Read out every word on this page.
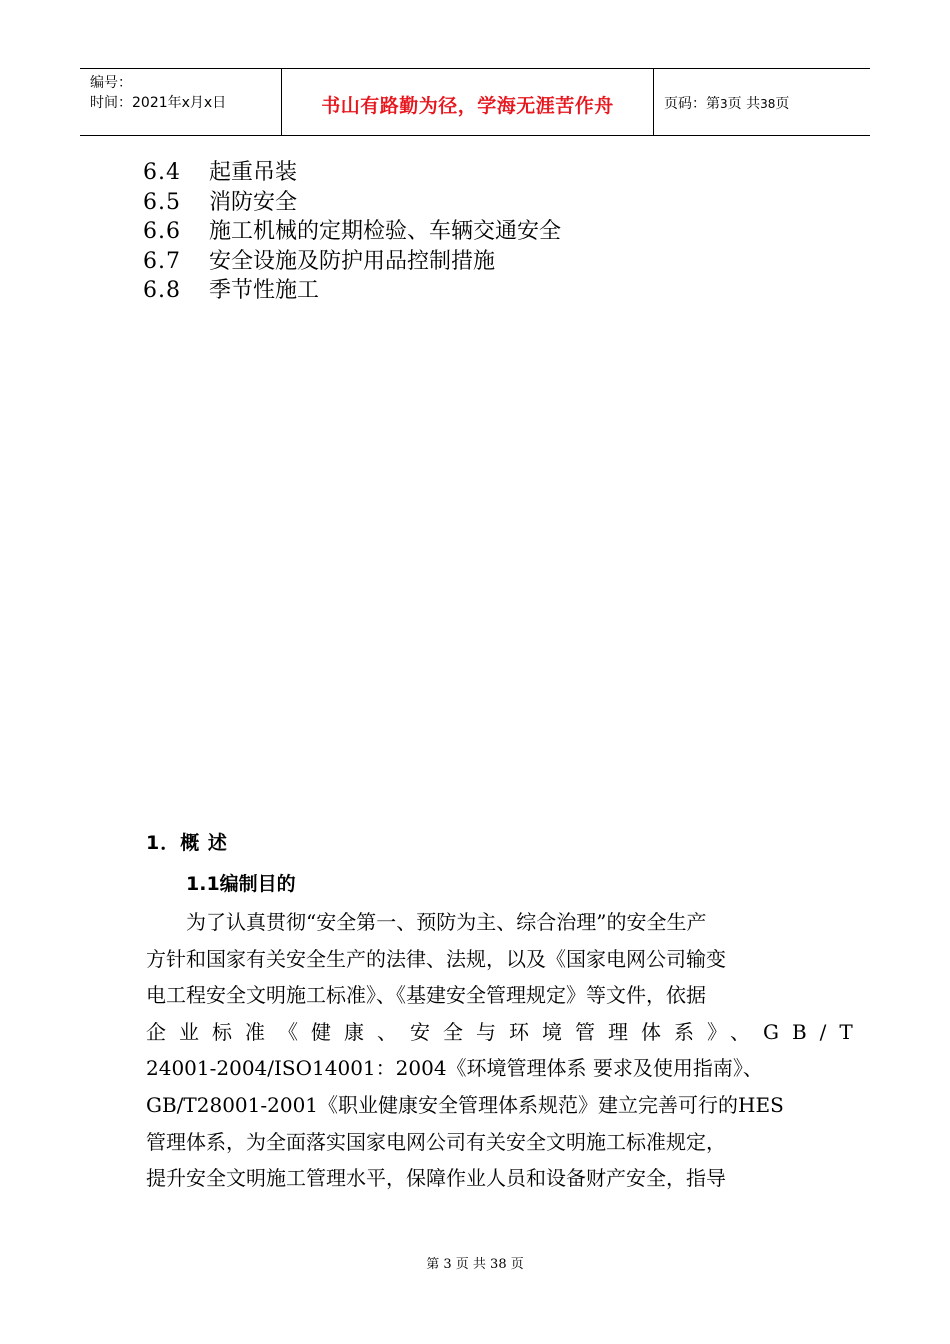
编号：
时间：2021年x月x日	书山有路勤为径，学海无涯苦作舟	页码：第3页 共38页
6.4 起重吊装
6.5 消防安全
6.6 施工机械的定期检验、车辆交通安全
6.7 安全设施及防护用品控制措施
6.8 季节性施工
1．概 述
1.1编制目的
为了认真贯彻“安全第一、预防为主、综合治理”的安全生产
方针和国家有关安全生产的法律、法规，以及《国家电网公司输变
电工程安全文明施工标准》、《基建安全管理规定》等文件，依据
企业标准《健康、安全与环境管理体系》、GB/T
24001-2004/ISO14001：2004《环境管理体系 要求及使用指南》、
GB/T28001-2001《职业健康安全管理体系规范》建立完善可行的HES
管理体系，为全面落实国家电网公司有关安全文明施工标准规定，
提升安全文明施工管理水平，保障作业人员和设备财产安全，指导
第 3 页 共 38 页
